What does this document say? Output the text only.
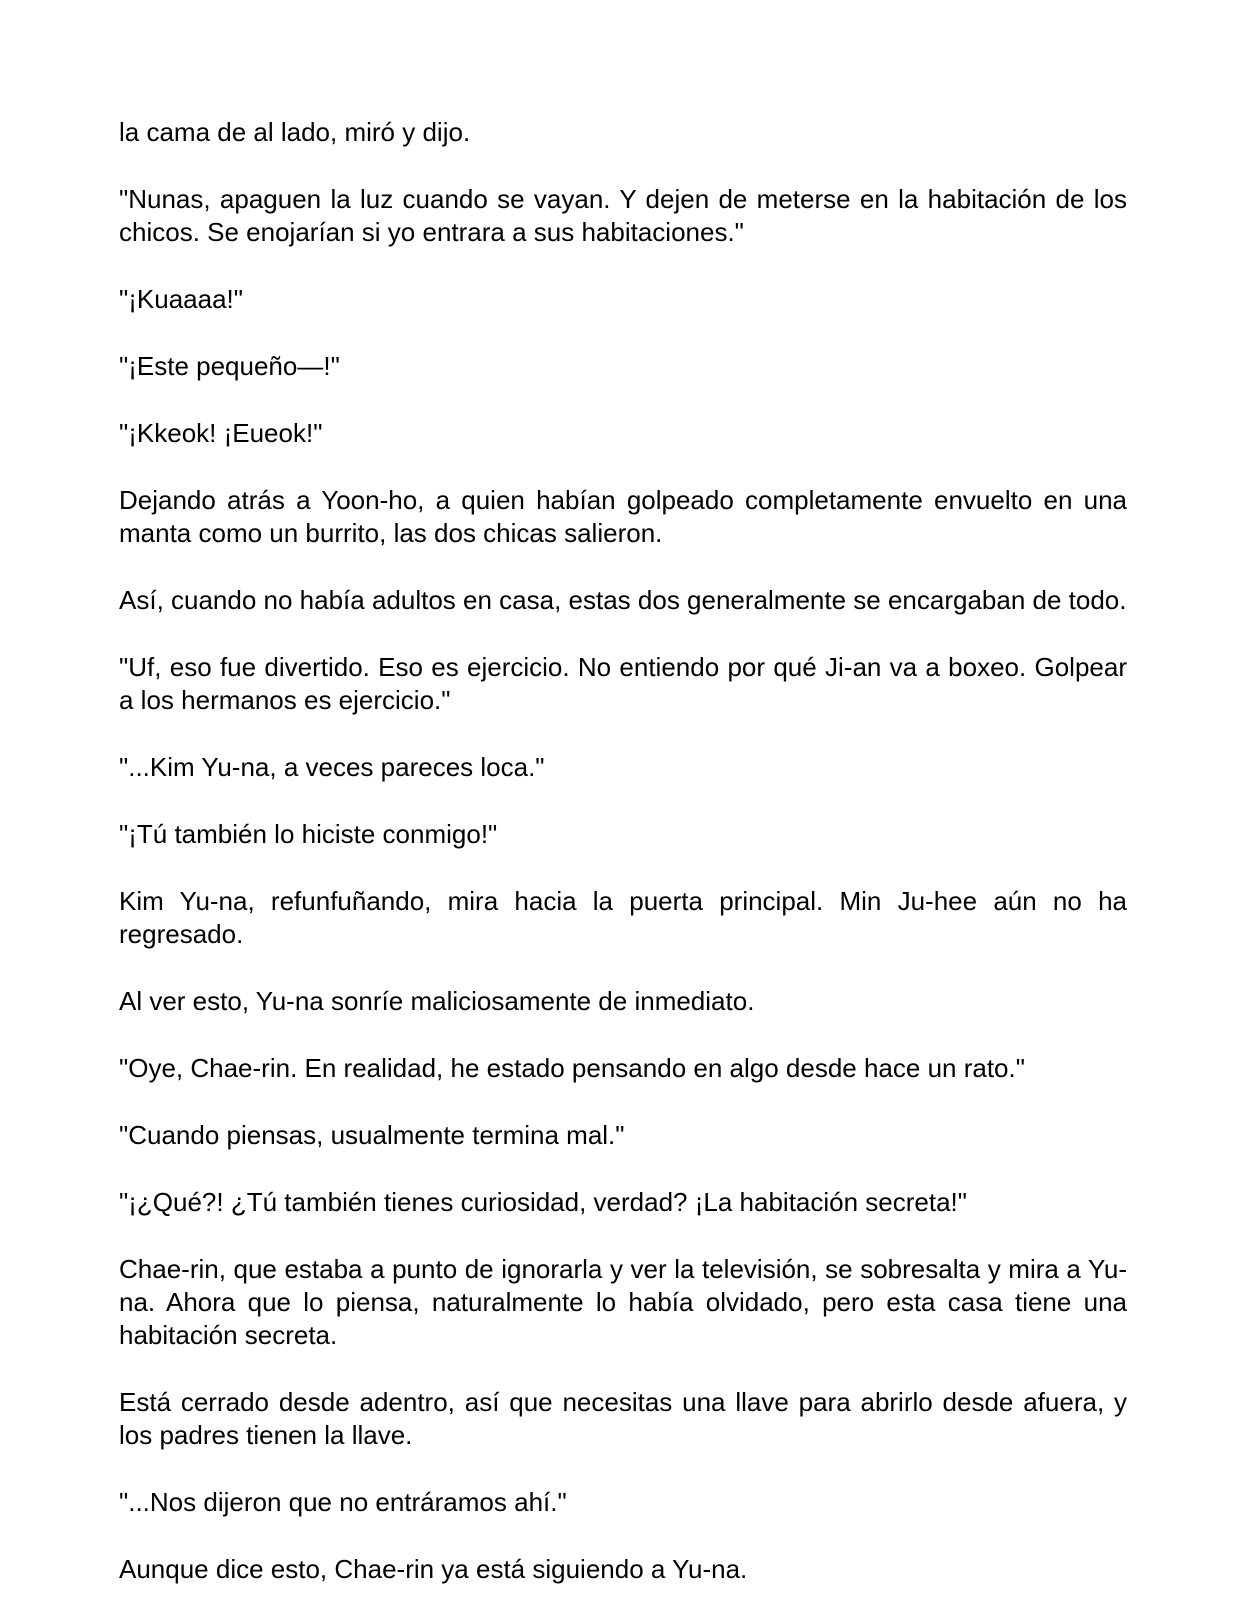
la cama de al lado, miró y dijo.

"Nunas, apaguen la luz cuando se vayan. Y dejen de meterse en la habitación de los chicos. Se enojarían si yo entrara a sus habitaciones."

"¡Kuaaaa!"

"¡Este pequeño—!"

"¡Kkeok! ¡Eueok!"

Dejando atrás a Yoon-ho, a quien habían golpeado completamente envuelto en una manta como un burrito, las dos chicas salieron.

Así, cuando no había adultos en casa, estas dos generalmente se encargaban de todo.

"Uf, eso fue divertido. Eso es ejercicio. No entiendo por qué Ji-an va a boxeo. Golpear a los hermanos es ejercicio."

"...Kim Yu-na, a veces pareces loca."

"¡Tú también lo hiciste conmigo!"

Kim Yu-na, refunfuñando, mira hacia la puerta principal. Min Ju-hee aún no ha regresado.

Al ver esto, Yu-na sonríe maliciosamente de inmediato.

"Oye, Chae-rin. En realidad, he estado pensando en algo desde hace un rato."

"Cuando piensas, usualmente termina mal."

"¡¿Qué?! ¿Tú también tienes curiosidad, verdad? ¡La habitación secreta!"

Chae-rin, que estaba a punto de ignorarla y ver la televisión, se sobresalta y mira a Yu-na. Ahora que lo piensa, naturalmente lo había olvidado, pero esta casa tiene una habitación secreta.

Está cerrado desde adentro, así que necesitas una llave para abrirlo desde afuera, y los padres tienen la llave.

"...Nos dijeron que no entráramos ahí."

Aunque dice esto, Chae-rin ya está siguiendo a Yu-na.
